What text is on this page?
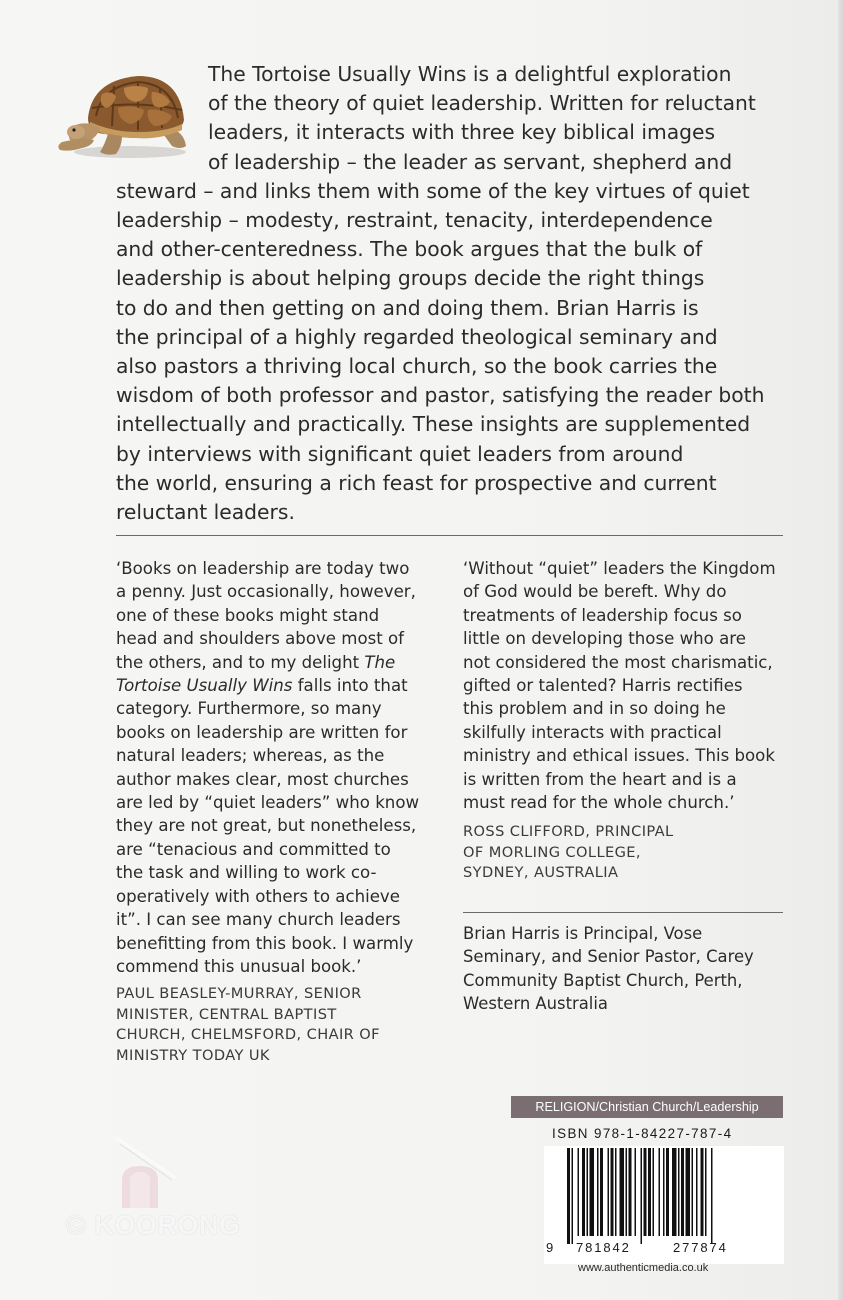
The Tortoise Usually Wins is a delightful exploration
of the theory of quiet leadership. Written for reluctant
leaders, it interacts with three key biblical images
of leadership – the leader as servant, shepherd and
steward – and links them with some of the key virtues of quiet
leadership – modesty, restraint, tenacity, interdependence
and other-centeredness. The book argues that the bulk of
leadership is about helping groups decide the right things
to do and then getting on and doing them. Brian Harris is
the principal of a highly regarded theological seminary and
also pastors a thriving local church, so the book carries the
wisdom of both professor and pastor, satisfying the reader both
intellectually and practically. These insights are supplemented
by interviews with significant quiet leaders from around
the world, ensuring a rich feast for prospective and current
reluctant leaders.

‘Books on leadership are today two
a penny. Just occasionally, however,
one of these books might stand
head and shoulders above most of
the others, and to my delight The
Tortoise Usually Wins falls into that
category. Furthermore, so many
books on leadership are written for
natural leaders; whereas, as the
author makes clear, most churches
are led by “quiet leaders” who know
they are not great, but nonetheless,
are “tenacious and committed to
the task and willing to work co-
operatively with others to achieve
it”. I can see many church leaders
benefitting from this book. I warmly
commend this unusual book.’

PAUL BEASLEY-MURRAY, SENIOR
MINISTER, CENTRAL BAPTIST
CHURCH, CHELMSFORD, CHAIR OF
MINISTRY TODAY UK

‘Without “quiet” leaders the Kingdom
of God would be bereft. Why do
treatments of leadership focus so
little on developing those who are
not considered the most charismatic,
gifted or talented? Harris rectifies
this problem and in so doing he
skilfully interacts with practical
ministry and ethical issues. This book
is written from the heart and is a
must read for the whole church.’

ROSS CLIFFORD, PRINCIPAL
OF MORLING COLLEGE,
SYDNEY, AUSTRALIA

Brian Harris is Principal, Vose
Seminary, and Senior Pastor, Carey
Community Baptist Church, Perth,
Western Australia

© KOORONG
RELIGION/Christian Church/Leadership
ISBN 978-1-84227-787-4
9 781842	277874
www.authenticmedia.co.uk
